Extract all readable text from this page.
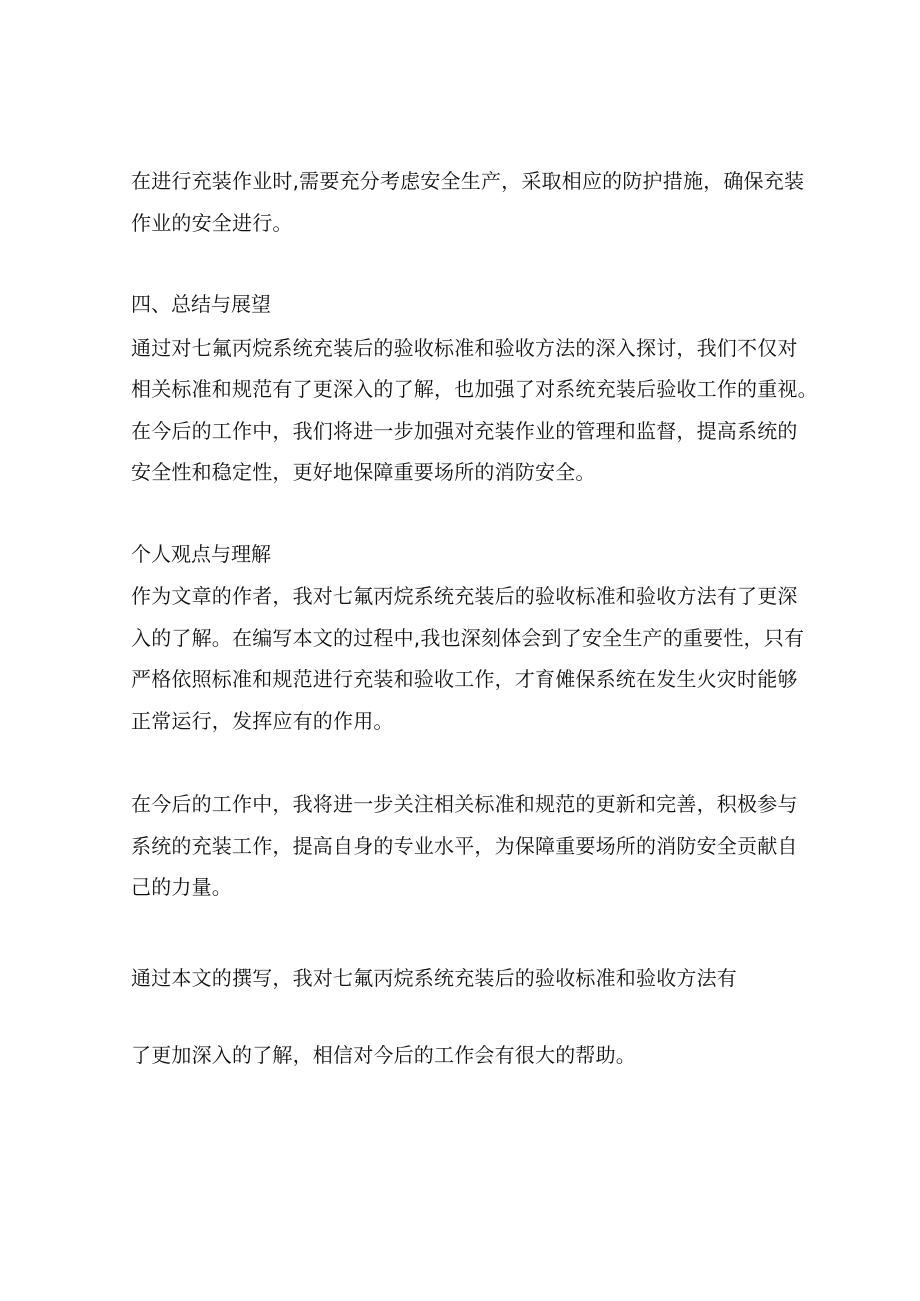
在进行充装作业时,需要充分考虑安全生产，采取相应的防护措施，确保充装
作业的安全进行。
四、总结与展望
通过对七氟丙烷系统充装后的验收标准和验收方法的深入探讨，我们不仅对
相关标准和规范有了更深入的了解，也加强了对系统充装后验收工作的重视。
在今后的工作中，我们将进一步加强对充装作业的管理和监督，提高系统的
安全性和稳定性，更好地保障重要场所的消防安全。
个人观点与理解
作为文章的作者，我对七氟丙烷系统充装后的验收标准和验收方法有了更深
入的了解。在编写本文的过程中,我也深刻体会到了安全生产的重要性，只有
严格依照标准和规范进行充装和验收工作，才育傩保系统在发生火灾时能够
正常运行，发挥应有的作用。
在今后的工作中，我将进一步关注相关标准和规范的更新和完善，积极参与
系统的充装工作，提高自身的专业水平，为保障重要场所的消防安全贡献自
己的力量。
通过本文的撰写，我对七氟丙烷系统充装后的验收标准和验收方法有
了更加深入的了解，相信对今后的工作会有很大的帮助。
